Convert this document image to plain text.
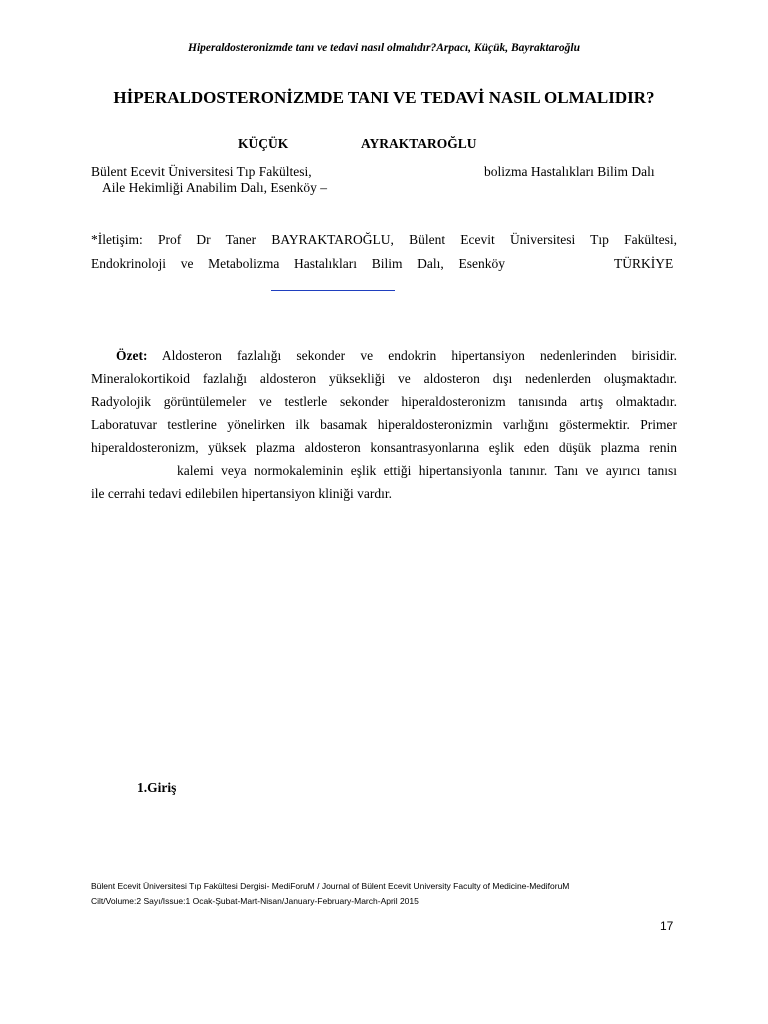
Hiperaldosteronizmde tanı ve tedavi nasıl olmalıdır?Arpacı, Küçük, Bayraktaroğlu
HİPERALDOSTERONİZMDE TANI VE TEDAVİ NASIL OLMALIDIR?
KÜÇÜK	AYRAKTAROĞLU
Bülent Ecevit Üniversitesi Tıp Fakültesi,	bolizma Hastalıkları Bilim Dalı
Aile Hekimliği Anabilim Dalı, Esenköy –
*İletişim: Prof Dr Taner BAYRAKTAROĞLU, Bülent Ecevit Üniversitesi Tıp Fakültesi,
Endokrinoloji ve Metabolizma Hastalıkları Bilim Dalı, Esenköy	TÜRKİYE
Özet: Aldosteron fazlalığı sekonder ve endokrin hipertansiyon nedenlerinden birisidir.
Mineralokortikoid fazlalığı aldosteron yüksekliği ve aldosteron dışı nedenlerden oluşmaktadır.
Radyolojik görüntülemeler ve testlerle sekonder hiperaldosteronizm tanısında artış olmaktadır.
Laboratuvar testlerine yönelirken ilk basamak hiperaldosteronizmin varlığını göstermektir. Primer
hiperaldosteronizm, yüksek plazma aldosteron konsantrasyonlarına eşlik eden düşük plazma renin
kalemi veya normokaleminin eşlik ettiği hipertansiyonla tanınır. Tanı ve ayırıcı tanısı
ile cerrahi tedavi edilebilen hipertansiyon kliniği vardır.
1.Giriş
Bülent Ecevit Üniversitesi Tıp Fakültesi Dergisi- MediForuM / Journal of Bülent Ecevit University Faculty of Medicine-MediforuM
Cilt/Volume:2 Sayı/Issue:1 Ocak-Şubat-Mart-Nisan/January-February-March-April 2015
17
